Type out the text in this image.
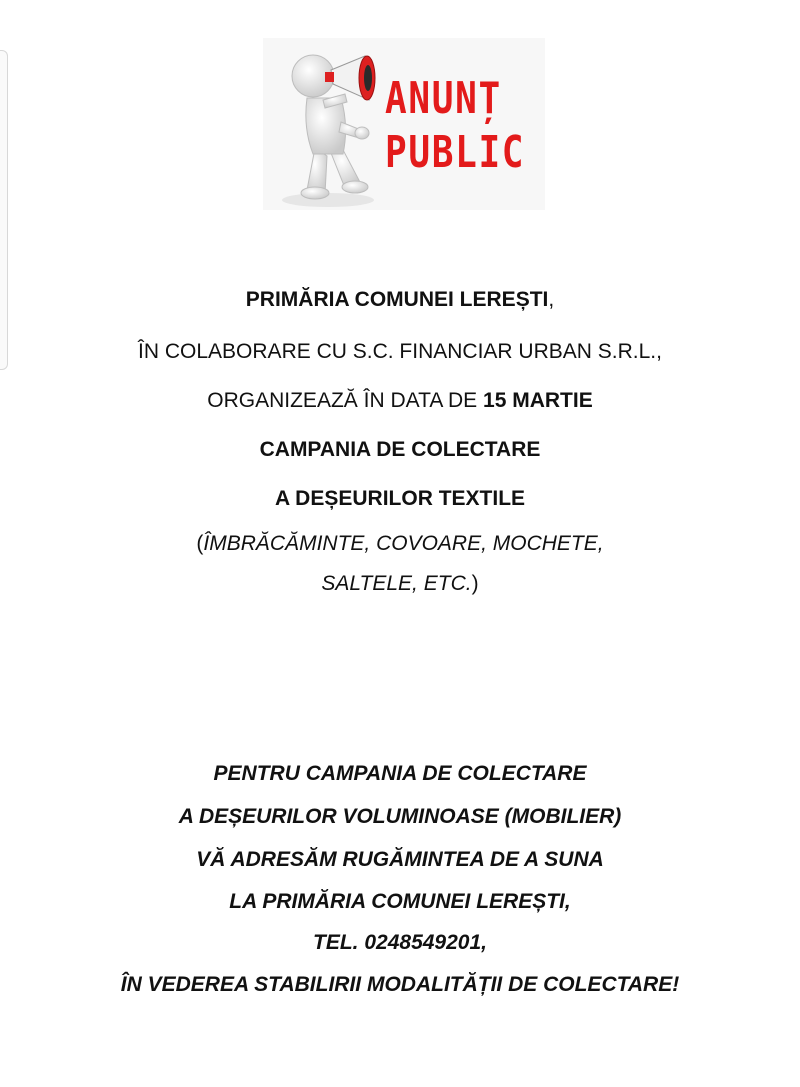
ANUNȚ
PUBLIC
PRIMĂRIA COMUNEI LEREȘTI,
ÎN COLABORARE CU S.C. FINANCIAR URBAN S.R.L.,
ORGANIZEAZĂ ÎN DATA DE 15 MARTIE
CAMPANIA DE COLECTARE
A DEȘEURILOR TEXTILE
(ÎMBRĂCĂMINTE, COVOARE, MOCHETE,
SALTELE, ETC.)
PENTRU CAMPANIA DE COLECTARE
A DEȘEURILOR VOLUMINOASE (MOBILIER)
VĂ ADRESĂM RUGĂMINTEA DE A SUNA
LA PRIMĂRIA COMUNEI LEREȘTI,
TEL. 0248549201,
ÎN VEDEREA STABILIRII MODALITĂȚII DE COLECTARE!
